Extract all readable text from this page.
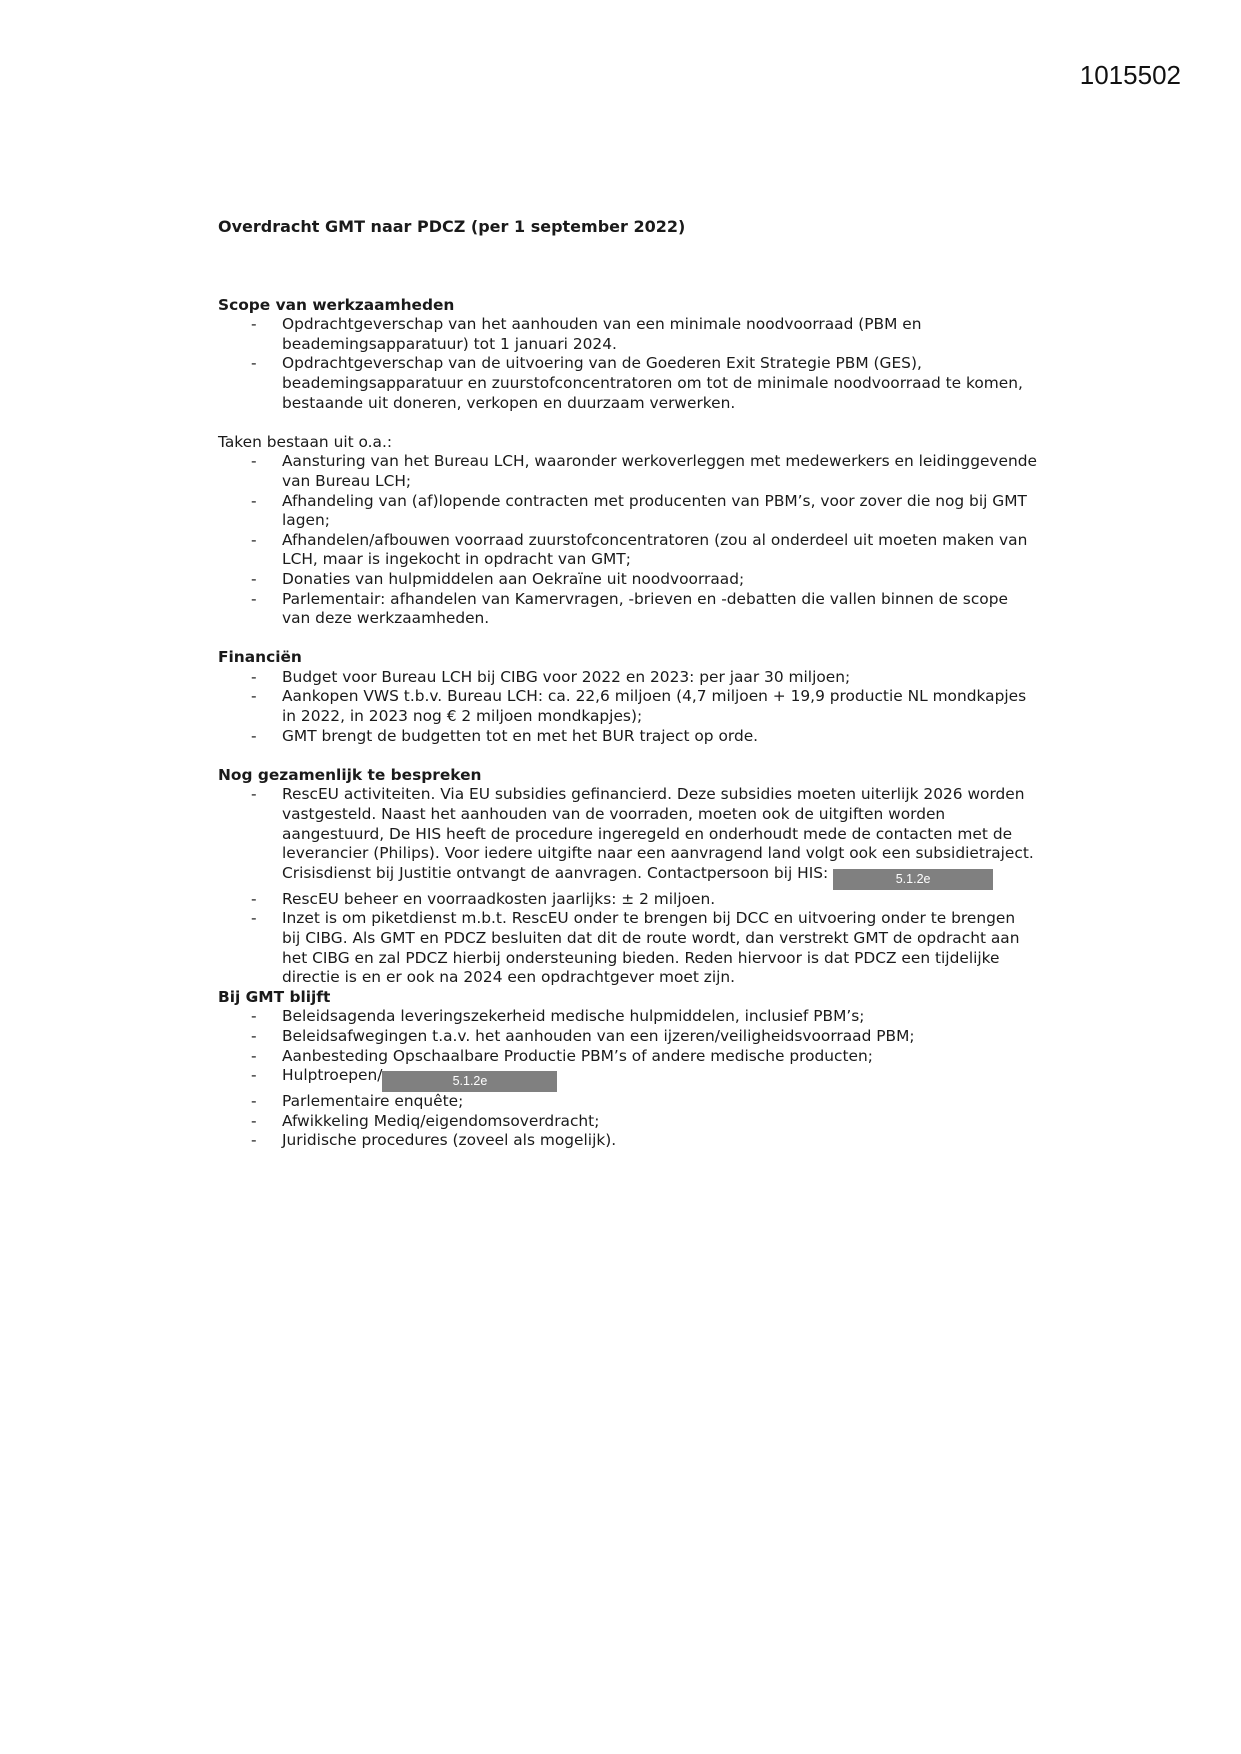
1015502

Overdracht GMT naar PDCZ (per 1 september 2022)

Scope van werkzaamheden

- Opdrachtgeverschap van het aanhouden van een minimale noodvoorraad (PBM en beademingsapparatuur) tot 1 januari 2024.
- Opdrachtgeverschap van de uitvoering van de Goederen Exit Strategie PBM (GES), beademingsapparatuur en zuurstofconcentratoren om tot de minimale noodvoorraad te komen, bestaande uit doneren, verkopen en duurzaam verwerken.

Taken bestaan uit o.a.:

- Aansturing van het Bureau LCH, waaronder werkoverleggen met medewerkers en leidinggevende van Bureau LCH;
- Afhandeling van (af)lopende contracten met producenten van PBM’s, voor zover die nog bij GMT lagen;
- Afhandelen/afbouwen voorraad zuurstofconcentratoren (zou al onderdeel uit moeten maken van LCH, maar is ingekocht in opdracht van GMT;
- Donaties van hulpmiddelen aan Oekraïne uit noodvoorraad;
- Parlementair: afhandelen van Kamervragen, -brieven en -debatten die vallen binnen de scope van deze werkzaamheden.

Financiën

- Budget voor Bureau LCH bij CIBG voor 2022 en 2023: per jaar 30 miljoen;
- Aankopen VWS t.b.v. Bureau LCH: ca. 22,6 miljoen (4,7 miljoen + 19,9 productie NL mondkapjes in 2022, in 2023 nog € 2 miljoen mondkapjes);
- GMT brengt de budgetten tot en met het BUR traject op orde.

Nog gezamenlijk te bespreken

- RescEU activiteiten. Via EU subsidies gefinancierd. Deze subsidies moeten uiterlijk 2026 worden vastgesteld. Naast het aanhouden van de voorraden, moeten ook de uitgiften worden aangestuurd, De HIS heeft de procedure ingeregeld en onderhoudt mede de contacten met de leverancier (Philips). Voor iedere uitgifte naar een aanvragend land volgt ook een subsidietraject. Crisisdienst bij Justitie ontvangt de aanvragen. Contactpersoon bij HIS:	5.1.2e
- RescEU beheer en voorraadkosten jaarlijks: ± 2 miljoen.
- Inzet is om piketdienst m.b.t. RescEU onder te brengen bij DCC en uitvoering onder te brengen bij CIBG. Als GMT en PDCZ besluiten dat dit de route wordt, dan verstrekt GMT de opdracht aan het CIBG en zal PDCZ hierbij ondersteuning bieden. Reden hiervoor is dat PDCZ een tijdelijke directie is en er ook na 2024 een opdrachtgever moet zijn.

Bij GMT blijft

- Beleidsagenda leveringszekerheid medische hulpmiddelen, inclusief PBM’s;
- Beleidsafwegingen t.a.v. het aanhouden van een ijzeren/veiligheidsvoorraad PBM;
- Aanbesteding Opschaalbare Productie PBM’s of andere medische producten;
- Hulptroepen/	5.1.2e
- Parlementaire enquête;
- Afwikkeling Mediq/eigendomsoverdracht;
- Juridische procedures (zoveel als mogelijk).
